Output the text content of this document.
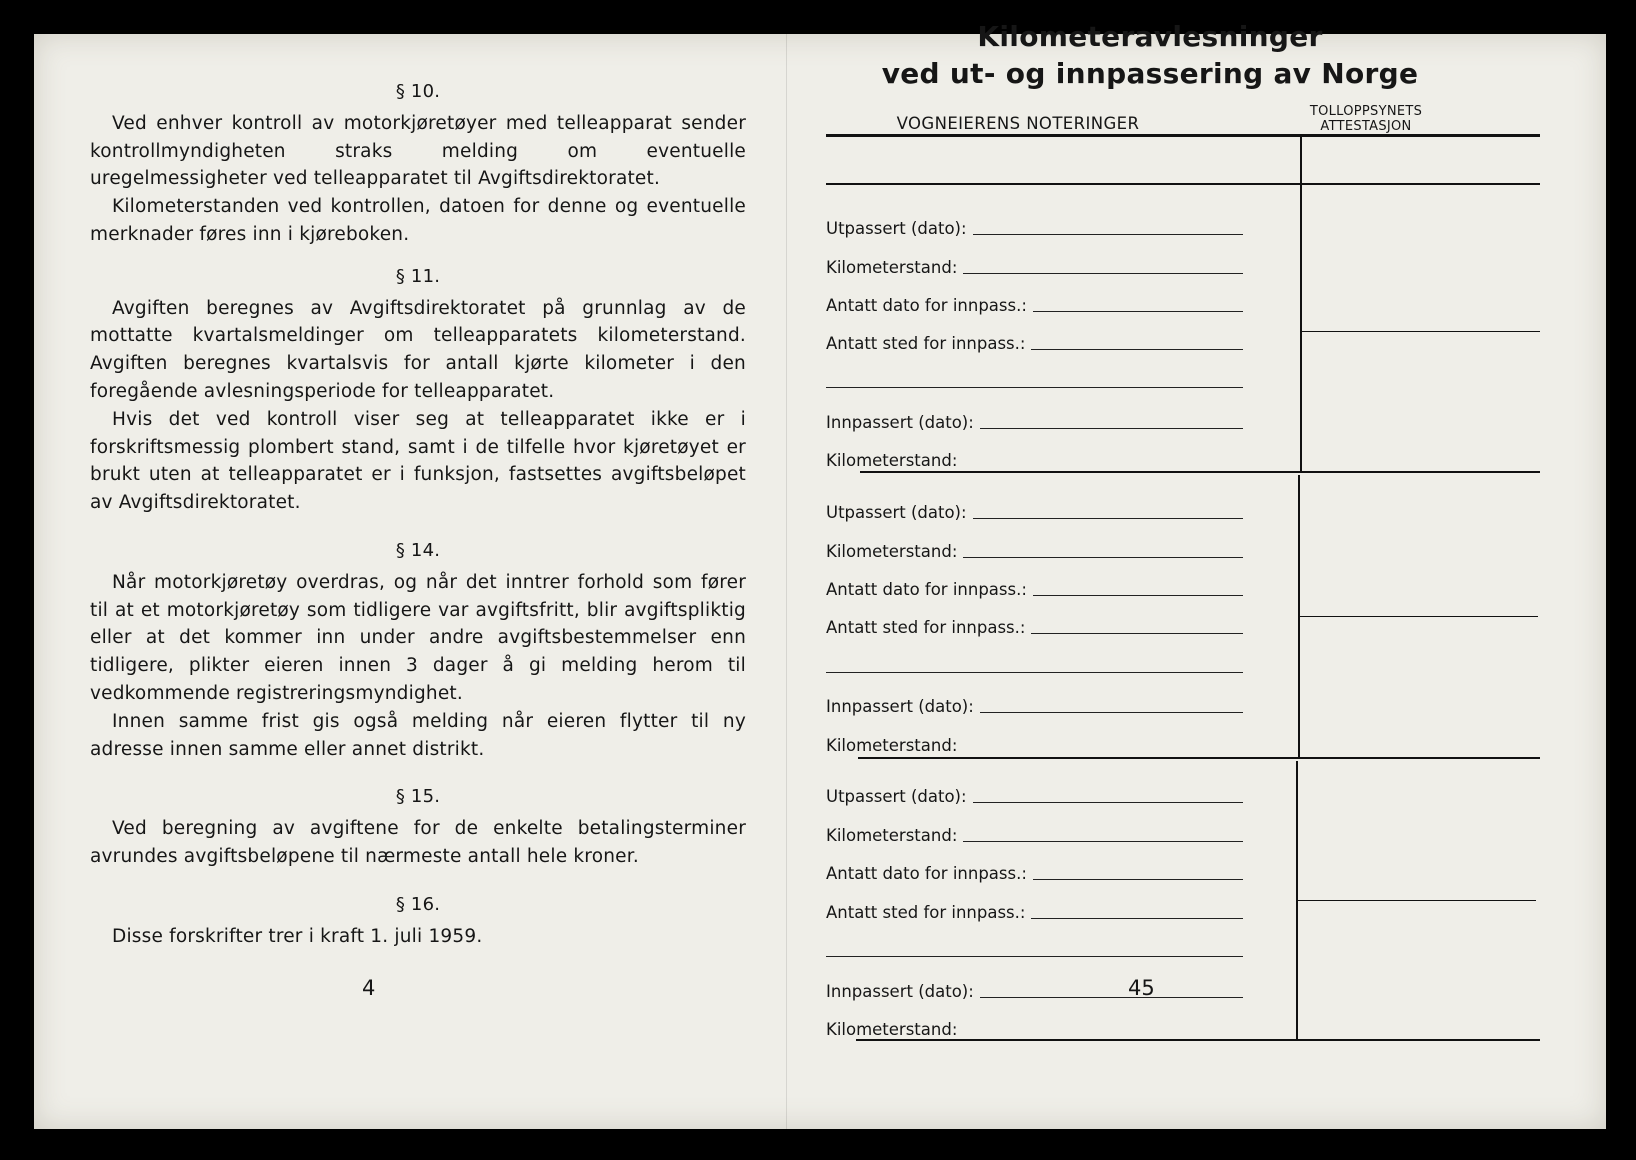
§ 10.

Ved enhver kontroll av motorkjøretøyer med telleapparat sender kontrollmyndigheten straks melding om eventuelle uregelmessigheter ved telleapparatet til Avgiftsdirektoratet.

Kilometerstanden ved kontrollen, datoen for denne og eventuelle merknader føres inn i kjøreboken.

§ 11.

Avgiften beregnes av Avgiftsdirektoratet på grunnlag av de mottatte kvartalsmeldinger om telleapparatets kilometerstand. Avgiften beregnes kvartalsvis for antall kjørte kilometer i den foregående avlesningsperiode for telleapparatet.

Hvis det ved kontroll viser seg at telleapparatet ikke er i forskriftsmessig plombert stand, samt i de tilfelle hvor kjøretøyet er brukt uten at telleapparatet er i funksjon, fastsettes avgiftsbeløpet av Avgiftsdirektoratet.

§ 14.

Når motorkjøretøy overdras, og når det inntrer forhold som fører til at et motorkjøretøy som tidligere var avgiftsfritt, blir avgiftspliktig eller at det kommer inn under andre avgiftsbestemmelser enn tidligere, plikter eieren innen 3 dager å gi melding herom til vedkommende registreringsmyndighet.

Innen samme frist gis også melding når eieren flytter til ny adresse innen samme eller annet distrikt.

§ 15.

Ved beregning av avgiftene for de enkelte betalingsterminer avrundes avgiftsbeløpene til nærmeste antall hele kroner.

§ 16.

Disse forskrifter trer i kraft 1. juli 1959.

4
Kilometeravlesninger
ved ut- og innpassering av Norge
VOGNEIERENS NOTERINGER
TOLLOPPSYNETS
ATTESTASJON
Utpassert (dato):
Kilometerstand:
Antatt dato for innpass.:
Antatt sted for innpass.:
Innpassert (dato):
Kilometerstand:
Utpassert (dato):
Kilometerstand:
Antatt dato for innpass.:
Antatt sted for innpass.:
Innpassert (dato):
Kilometerstand:
Utpassert (dato):
Kilometerstand:
Antatt dato for innpass.:
Antatt sted for innpass.:
Innpassert (dato):
Kilometerstand:
45
